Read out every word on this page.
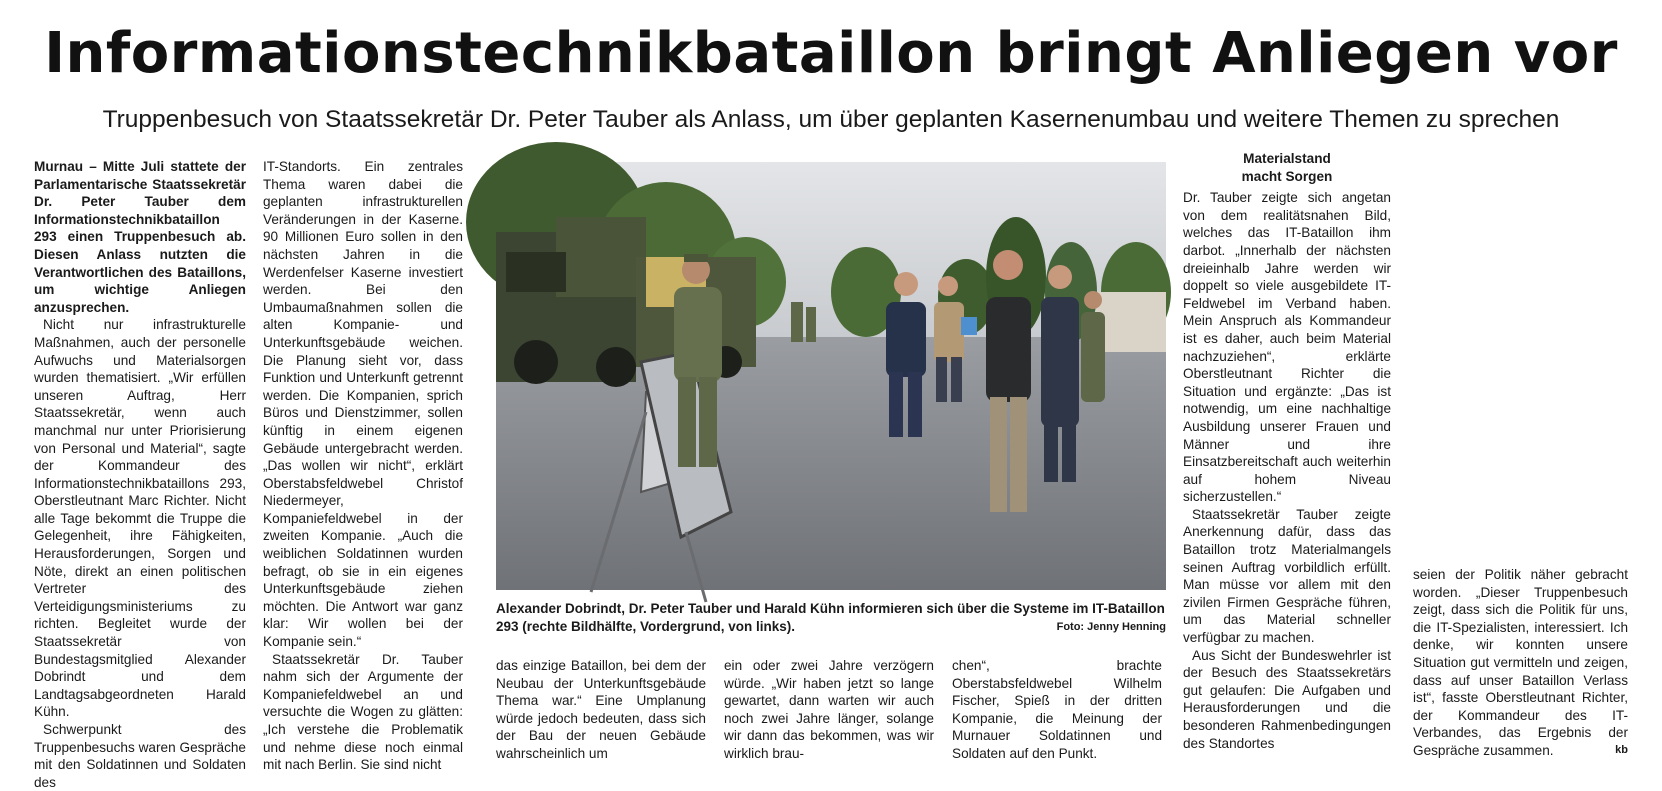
Informationstechnikbataillon bringt Anliegen vor
Truppenbesuch von Staatssekretär Dr. Peter Tauber als Anlass, um über geplanten Kasernenumbau und weitere Themen zu sprechen

Murnau – Mitte Juli stattete der Parlamentarische Staatssekretär Dr. Peter Tauber dem Informationstechnikbataillon 293 einen Truppenbesuch ab. Diesen Anlass nutzten die Verantwortlichen des Bataillons, um wichtige Anliegen anzusprechen.

Nicht nur infrastrukturelle Maßnahmen, auch der personelle Aufwuchs und Materialsorgen wurden thematisiert. „Wir erfüllen unseren Auftrag, Herr Staatssekretär, wenn auch manchmal nur unter Priorisierung von Personal und Material“, sagte der Kommandeur des Informationstechnikbataillons 293, Oberstleutnant Marc Richter. Nicht alle Tage bekommt die Truppe die Gelegenheit, ihre Fähigkeiten, Herausforderungen, Sorgen und Nöte, direkt an einen politischen Vertreter des Verteidigungsministeriums zu richten. Begleitet wurde der Staatssekretär von Bundestagsmitglied Alexander Dobrindt und dem Landtagsabgeordneten Harald Kühn.

Schwerpunkt des Truppenbesuchs waren Gespräche mit den Soldatinnen und Soldaten des

IT-Standorts. Ein zentrales Thema waren dabei die geplanten infrastrukturellen Veränderungen in der Kaserne. 90 Millionen Euro sollen in den nächsten Jahren in die Werdenfelser Kaserne investiert werden. Bei den Umbaumaßnahmen sollen die alten Kompanie- und Unterkunftsgebäude weichen. Die Planung sieht vor, dass Funktion und Unterkunft getrennt werden. Die Kompanien, sprich Büros und Dienstzimmer, sollen künftig in einem eigenen Gebäude untergebracht werden. „Das wollen wir nicht“, erklärt Oberstabsfeldwebel Christof Niedermeyer, Kompaniefeldwebel in der zweiten Kompanie. „Auch die weiblichen Soldatinnen wurden befragt, ob sie in ein eigenes Unterkunftsgebäude ziehen möchten. Die Antwort war ganz klar: Wir wollen bei der Kompanie sein.“

Staatssekretär Dr. Tauber nahm sich der Argumente der Kompaniefeldwebel an und versuchte die Wogen zu glätten: „Ich verstehe die Problematik und nehme diese noch einmal mit nach Berlin. Sie sind nicht

Alexander Dobrindt, Dr. Peter Tauber und Harald Kühn informieren sich über die Systeme im IT-Bataillon 293 (rechte Bildhälfte, Vordergrund, von links).	Foto: Jenny Henning

das einzige Bataillon, bei dem der Neubau der Unterkunftsgebäude Thema war.“ Eine Umplanung würde jedoch bedeuten, dass sich der Bau der neuen Gebäude wahrscheinlich um

ein oder zwei Jahre verzögern würde. „Wir haben jetzt so lange gewartet, dann warten wir auch noch zwei Jahre länger, solange wir dann das bekommen, was wir wirklich brau-

chen“, brachte Oberstabsfeldwebel Wilhelm Fischer, Spieß in der dritten Kompanie, die Meinung der Murnauer Soldatinnen und Soldaten auf den Punkt.

Materialstand
macht Sorgen

Dr. Tauber zeigte sich angetan von dem realitätsnahen Bild, welches das IT-Bataillon ihm darbot. „Innerhalb der nächsten dreieinhalb Jahre werden wir doppelt so viele ausgebildete IT-Feldwebel im Verband haben. Mein Anspruch als Kommandeur ist es daher, auch beim Material nachzuziehen“, erklärte Oberstleutnant Richter die Situation und ergänzte: „Das ist notwendig, um eine nachhaltige Ausbildung unserer Frauen und Männer und ihre Einsatzbereitschaft auch weiterhin auf hohem Niveau sicherzustellen.“

Staatssekretär Tauber zeigte Anerkennung dafür, dass das Bataillon trotz Materialmangels seinen Auftrag vorbildlich erfüllt. Man müsse vor allem mit den zivilen Firmen Gespräche führen, um das Material schneller verfügbar zu machen.

Aus Sicht der Bundeswehrler ist der Besuch des Staatssekretärs gut gelaufen: Die Aufgaben und Herausforderungen und die besonderen Rahmenbedingungen des Standortes

seien der Politik näher gebracht worden. „Dieser Truppenbesuch zeigt, dass sich die Politik für uns, die IT-Spezialisten, interessiert. Ich denke, wir konnten unsere Situation gut vermitteln und zeigen, dass auf unser Bataillon Verlass ist“, fasste Oberstleutnant Richter, der Kommandeur des IT-Verbandes, das Ergebnis der Gespräche zusammen.	kb
